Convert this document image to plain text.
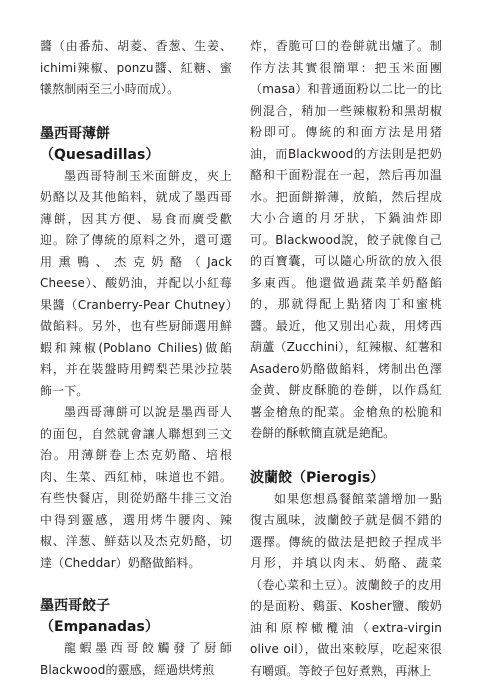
醬（由番茄、胡菱、香葱、生姜、ichimi辣椒、ponzu醬、紅糖、蜜犧熬制兩至三小時而成）。

墨西哥薄餅

（Quesadillas）

墨西哥特制玉米面餅皮，夾上奶酪以及其他餡料，就成了墨西哥薄餅，因其方便、易食而廣受歡迎。除了傳統的原料之外，還可選用熏鴨、杰克奶酪（Jack Cheese）、酸奶油，并配以小紅莓果醬（Cranberry-Pear Chutney）做餡料。另外，也有些厨師選用鮮蝦和辣椒(Poblano Chilies)做餡料，并在裝盤時用鳄梨芒果沙拉裝飾一下。

墨西哥薄餅可以說是墨西哥人的面包，自然就會讓人聯想到三文治。用薄餅卷上杰克奶酪、培根肉、生菜、西紅柿，味道也不錯。有些快餐店，則從奶酪牛排三文治中得到靈感，選用烤牛腰肉、辣椒、洋葱、鮮菇以及杰克奶酪，切達（Cheddar）奶酪做餡料。

墨西哥餃子

（Empanadas）

龍蝦墨西哥餃觸發了厨師Blackwood的靈感，經過烘烤煎

炸，香脆可口的卷餅就出爐了。制作方法其實很簡單：把玉米面團（masa）和普通面粉以二比一的比例混合，稍加一些辣椒粉和黑胡椒粉即可。傳統的和面方法是用猪油，而Blackwood的方法則是把奶酪和干面粉混在一起，然后再加温水。把面餅擀薄，放餡，然后捏成大小合適的月牙狀，下鍋油炸即可。Blackwood說，餃子就像自己的百寶囊，可以隨心所欲的放入很多東西。他還做過蔬菜羊奶酪餡的，那就得配上點猪肉丁和蜜桃醬。最近，他又別出心裁，用烤西葫蘆（Zucchini），紅辣椒、紅薯和Asadero奶酪做餡料，烤制出色澤金黄、餅皮酥脆的卷餅，以作爲紅薯金槍魚的配菜。金槍魚的松脆和卷餅的酥軟簡直就是絶配。

波蘭餃（Pierogis）

如果您想爲餐館菜譜增加一點復古風味，波蘭餃子就是個不錯的選擇。傳統的做法是把餃子捏成半月形，并填以肉末、奶酪、蔬菜（卷心菜和土豆）。波蘭餃子的皮用的是面粉、鷄蛋、Kosher鹽、酸奶油和原榨橄欖油（extra-virgin olive oil），做出來較厚，吃起來很有嚼頭。等餃子包好煮熟，再淋上
